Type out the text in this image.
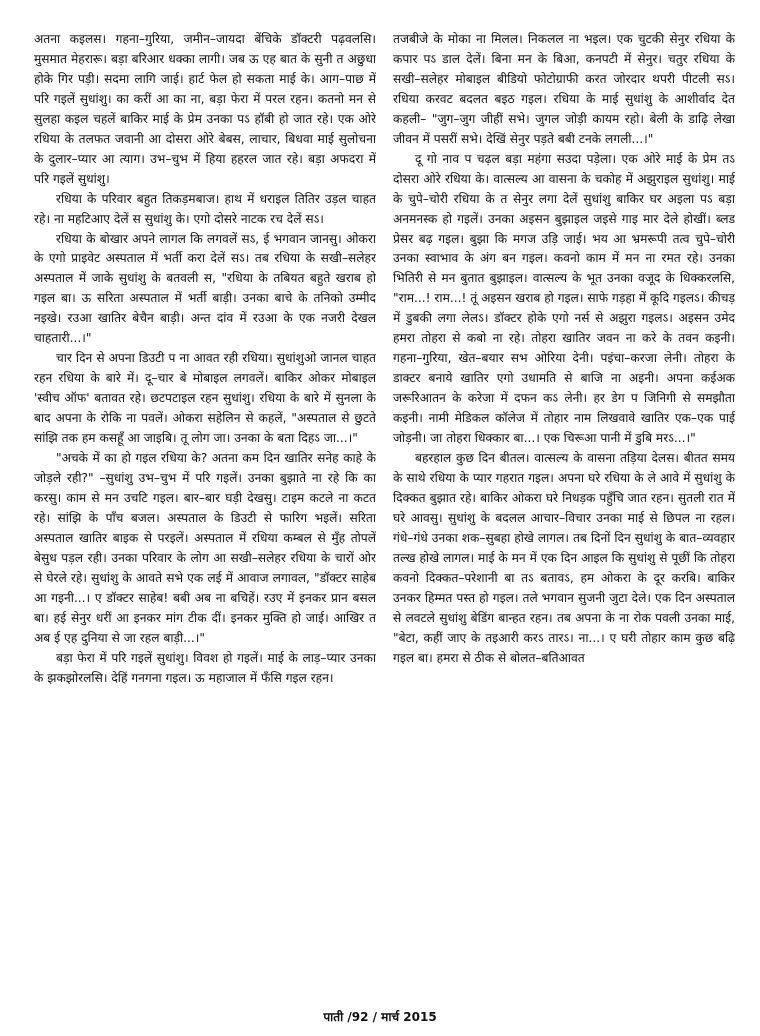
अतना कइलस। गहना–गुरिया, जमीन–जायदा बेंचिके डॉक्टरी पढ़वलसि। मुसमात मेहरारू। बड़ा बरिआर धक्का लागी। जब ऊ एह बात के सुनी त अछुधा होके गिर पड़ी। सदमा लागि जाई। हार्ट फेल हो सकता माई के। आग–पाछ में परि गइलें सुधांशु। का करीं आ का ना, बड़ा फेरा में परल रहन। कतनो मन से सुलहा कइल चहलें बाकिर माई के प्रेम उनका पऽ हॉबी हो जात रहे। एक ओरे रधिया के तलफत जवानी आ दोसरा ओरे बेबस, लाचार, बिधवा माई सुलोचना के दुलार–प्यार आ त्याग। उभ–चुभ में हिया हहरल जात रहे। बड़ा अफदरा में परि गइलें सुधांशु।

रधिया के परिवार बहुत तिकड़मबाज। हाथ में धराइल तितिर उड़ल चाहत रहे। ना महटिआए देलें स सुधांशु के। एगो दोसरे नाटक रच देलें सऽ।

रधिया के बोखार अपने लागल कि लगवलें सऽ, ई भगवान जानसु। ओकरा के एगो प्राइवेट अस्पताल में भर्ती करा देलें सऽ। तब रधिया के सखी–सलेहर अस्पताल में जाके सुधांशु के बतवली स, "रधिया के तबियत बहुते खराब हो गइल बा। ऊ सरिता अस्पताल में भर्ती बाड़ी। उनका बाचे के तनिको उम्मीद नइखे। रउआ खातिर बेचैन बाड़ी। अन्त दांव में रउआ के एक नजरी देखल चाहतारी...।"

चार दिन से अपना डिउटी प ना आवत रही रधिया। सुधांशुओ जानल चाहत रहन रधिया के बारे में। दू–चार बे मोबाइल लगवलें। बाकिर ओकर मोबाइल 'स्वीच ऑफ' बतावत रहे। छटपटाइल रहन सुधांशु। रधिया के बारे में सुनला के बाद अपना के रोकि ना पवलें। ओकरा सहेलिन से कहलें, "अस्पताल से छुटते सांझि तक हम कसहूँ आ जाइबि। तू लोग जा। उनका के बता दिहऽ जा...।"

"अचके में का हो गइल रधिया के? अतना कम दिन खातिर सनेह काहे के जोड़ले रही?" –सुधांशु उभ–चुभ में परि गइलें। उनका बुझाते ना रहे कि का करसु। काम से मन उचटि गइल। बार–बार घड़ी देखसु। टाइम कटले ना कटत रहे। सांझि के पाँच बजल। अस्पताल के डिउटी से फारिग भइलें। सरिता अस्पताल खातिर बाइक से परइलें। अस्पताल में रधिया कम्बल से मुँह तोपलें बेसुध पड़ल रही। उनका परिवार के लोग आ सखी–सलेहर रधिया के चारों ओर से घेरले रहे। सुधांशु के आवते सभे एक लई में आवाज लगावल, "डॉक्टर साहेब आ गइनी...। ए डॉक्टर साहेब! बबी अब ना बचिहें। रउए में इनकर प्रान बसल बा। हई सेनुर धरीं आ इनकर मांग टीक दीं। इनकर मुक्ति हो जाई। आखिर त अब ई एह दुनिया से जा रहल बाड़ी...।"

बड़ा फेरा में परि गइलें सुधांशु। विवश हो गइलें। माई के लाड़–प्यार उनका के झकझोरलसि। देहिं गनगना गइल। ऊ महाजाल में फँसि गइल रहन।

तजबीजे के मोका ना मिलल। निकलल ना भइल। एक चुटकी सेनुर रधिया के कपार पऽ डाल देलें। बिना मन के बिआ, कनपटी में सेनुर। चतुर रधिया के सखी–सलेहर मोबाइल बीडियो फोटोग्राफी करत जोरदार थपरी पीटली सऽ। रधिया करवट बदलत बइठ गइल। रधिया के माई सुधांशु के आशीर्वाद देत कहली– "जुग–जुग जीहीं सभे। जुगल जोड़ी कायम रहो। बेली के डाढ़ि लेखा जीवन में पसरीं सभे। देखिं सेनुर पड़ते बबी टनके लगली...।"

दू गो नाव प चढ़ल बड़ा महंगा सउदा पड़ेला। एक ओरे माई के प्रेम तऽ दोसरा ओरे रधिया के। वात्सल्य आ वासना के चकोह में अझुराइल सुधांशु। माई के चुपे–चोरी रधिया के त सेनुर लगा देलें सुधांशु बाकिर घर अइला पऽ बड़ा अनमनस्क हो गइलें। उनका अइसन बुझाइल जइसे गाइ मार देले होखीं। ब्लड प्रेसर बढ़ गइल। बुझा कि मगज उड़ि जाई। भय आ भ्रमरूपी तत्व चुपे–चोरी उनका स्वाभाव के अंग बन गइल। कवनो काम में मन ना रमत रहे। उनका भितिरी से मन बुतात बुझाइल। वात्सल्य के भूत उनका वजूद के धिक्करलसि, "राम...! राम...! तूं अइसन खराब हो गइल। साफे गड़हा में कूदि गइलऽ। कीचड़ में डुबकी लगा लेलऽ। डॉक्टर होके एगो नर्स से अझुरा गइलऽ। अइसन उमेद हमरा तोहरा से कबो ना रहे। तोहरा खातिर जवन ना करे के तवन कइनी। गहना–गुरिया, खेत–बयार सभ ओरिया देनी। पइंचा–करजा लेनी। तोहरा के डाक्टर बनाये खातिर एगो उधामति से बाजि ना अइनी। अपना कईअक जरूरिआतन के करेजा में दफन कऽ लेनी। हर डेग प जिनिगी से समझौता कइनी। नामी मेडिकल कॉलेज में तोहार नाम लिखवावे खातिर एक–एक पाई जोड़नी। जा तोहरा धिक्कार बा...। एक चिरूआ पानी में डुबि मरऽ...।"

बहरहाल कुछ दिन बीतल। वात्सल्य के वासना तड़िया देलस। बीतत समय के साथे रधिया के प्यार गहरात गइल। अपना घरे रधिया के ले आवे में सुधांशु के दिक्कत बुझात रहे। बाकिर ओकरा घरे निधड़क पहुँचि जात रहन। सुतली रात में घरे आवसु। सुधांशु के बदलल आचार–विचार उनका माई से छिपल ना रहल। गंधे–गंधे उनका शक–सुबहा होखे लागल। तब दिनों दिन सुधांशु के बात–व्यवहार तल्ख होखे लागल। माई के मन में एक दिन आइल कि सुधांशु से पूछीं कि तोहरा कवनो दिक्कत–परेशानी बा तऽ बतावऽ, हम ओकरा के दूर करबि। बाकिर उनकर हिम्मत पस्त हो गइल। तले भगवान सुजनी जुटा देले। एक दिन अस्पताल से लवटले सुधांशु बेडिंग बान्हत रहन। तब अपना के ना रोक पवली उनका माई, "बेटा, कहीं जाए के तइआरी करऽ तारऽ। ना...। ए घरी तोहार काम कुछ बढ़ि गइल बा। हमरा से ठीक से बोलत–बतिआवत

पाती /92 / मार्च 2015
